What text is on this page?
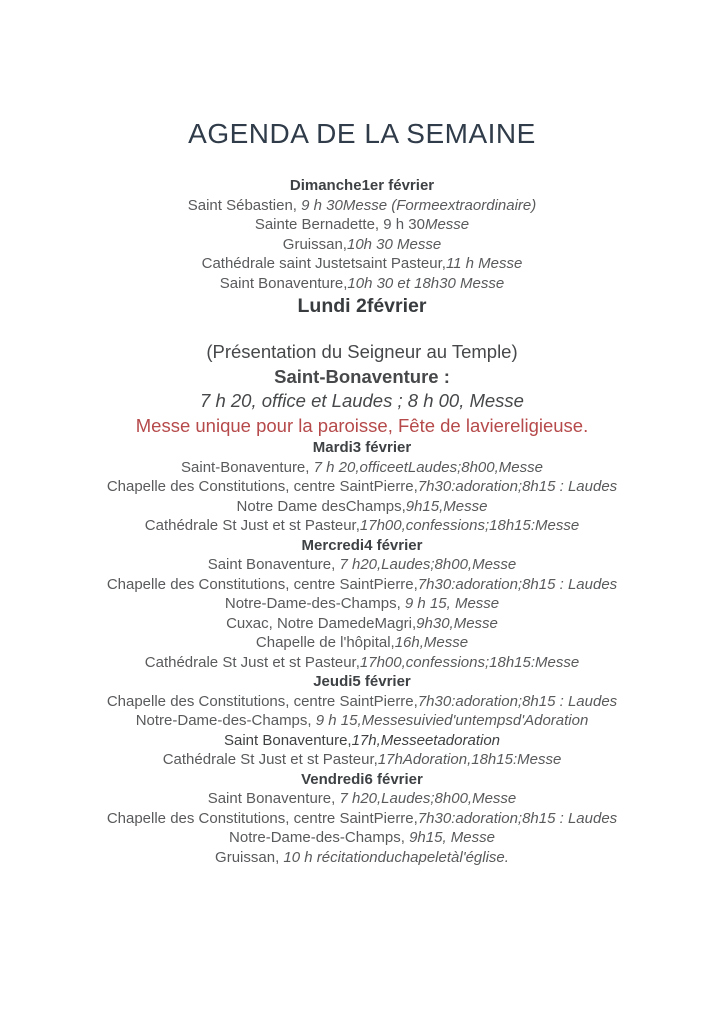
AGENDA DE LA SEMAINE
Dimanche1er février

Saint Sébastien, 9 h 30Messe (Formeextraordinaire)

Sainte Bernadette, 9 h 30Messe

Gruissan,10h 30 Messe

Cathédrale saint Justetsaint Pasteur,11 h Messe

Saint Bonaventure,10h 30 et 18h30 Messe

Lundi 2février

(Présentation du Seigneur au Temple)

Saint-Bonaventure :

7 h 20, office et Laudes ; 8 h 00, Messe

Messe unique pour la paroisse, Fête de laviereligieuse.

Mardi3 février

Saint-Bonaventure, 7 h 20,officeetLaudes;8h00,Messe

Chapelle des Constitutions, centre SaintPierre,7h30:adoration;8h15 : Laudes

Notre Dame desChamps,9h15,Messe

Cathédrale St Just et st Pasteur,17h00,confessions;18h15:Messe

Mercredi4 février

Saint Bonaventure, 7 h20,Laudes;8h00,Messe

Chapelle des Constitutions, centre SaintPierre,7h30:adoration;8h15 : Laudes

Notre-Dame-des-Champs, 9 h 15, Messe

Cuxac, Notre DamedeMagri,9h30,Messe

Chapelle de l'hôpital,16h,Messe

Cathédrale St Just et st Pasteur,17h00,confessions;18h15:Messe

Jeudi5 février

Chapelle des Constitutions, centre SaintPierre,7h30:adoration;8h15 : Laudes

Notre-Dame-des-Champs, 9 h 15,Messesuivied'untempsd'Adoration

Saint Bonaventure,17h,Messeetadoration

Cathédrale St Just et st Pasteur,17hAdoration,18h15:Messe

Vendredi6 février

Saint Bonaventure, 7 h20,Laudes;8h00,Messe

Chapelle des Constitutions, centre SaintPierre,7h30:adoration;8h15 : Laudes

Notre-Dame-des-Champs, 9h15, Messe

Gruissan, 10 h récitationduchapeletàl'église.
